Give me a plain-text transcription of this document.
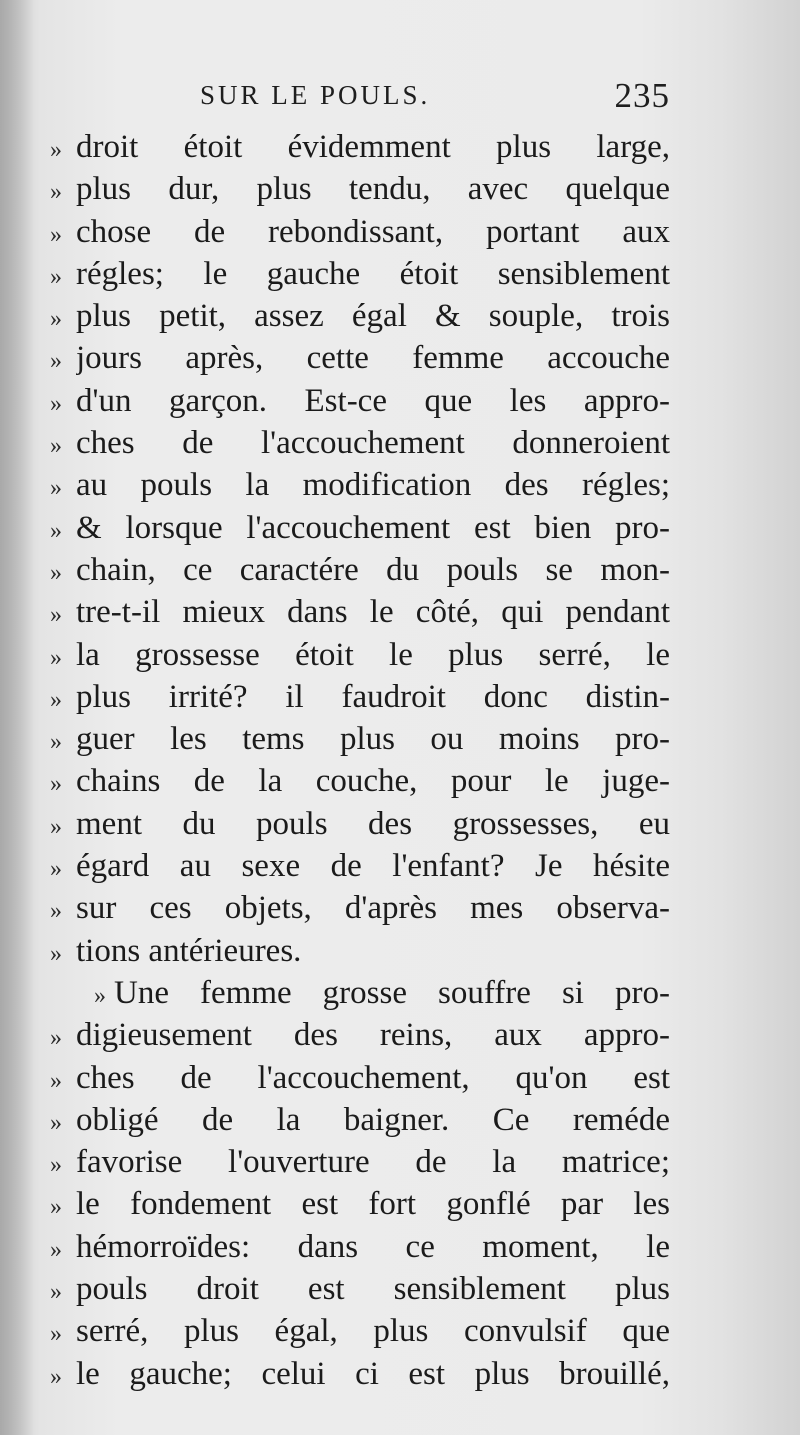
SUR LE POULS.	235
» droit étoit évidemment plus large,
» plus dur, plus tendu, avec quelque
» chose de rebondissant, portant aux
» régles; le gauche étoit sensiblement
» plus petit, assez égal & souple, trois
» jours après, cette femme accouche
» d'un garçon. Est-ce que les appro-
» ches de l'accouchement donneroient
» au pouls la modification des régles;
» & lorsque l'accouchement est bien pro-
» chain, ce caractére du pouls se mon-
» tre-t-il mieux dans le côté, qui pendant
» la grossesse étoit le plus serré, le
» plus irrité? il faudroit donc distin-
» guer les tems plus ou moins pro-
» chains de la couche, pour le juge-
» ment du pouls des grossesses, eu
» égard au sexe de l'enfant? Je hésite
» sur ces objets, d'après mes observa-
» tions antérieures.
» Une femme grosse souffre si pro-
» digieusement des reins, aux appro-
» ches de l'accouchement, qu'on est
» obligé de la baigner. Ce reméde
» favorise l'ouverture de la matrice;
» le fondement est fort gonflé par les
» hémorroïdes: dans ce moment, le
» pouls droit est sensiblement plus
» serré, plus égal, plus convulsif que
» le gauche; celui ci est plus brouillé,
